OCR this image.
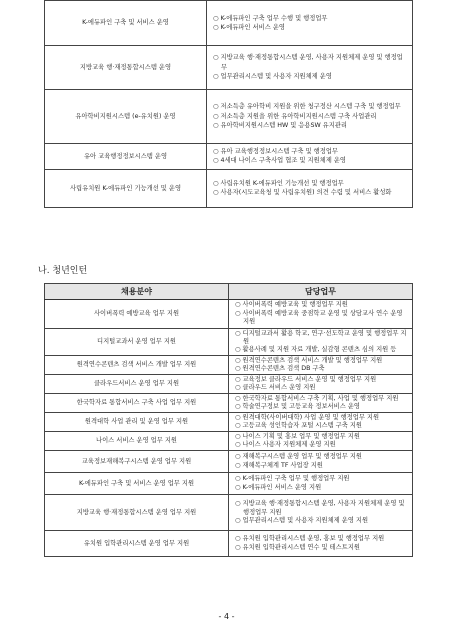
K-에듀파인 구축 및 서비스 운영	○ K-에듀파인 구축 업무 수행 및 행정업무
○ K-에듀파인 서비스 운영

지방교육 행·재정통합시스템 운영	○ 지방교육 행·재정통합시스템 운영, 사용자 지원체제 운영 및 행정업무
○ 업무관리시스템 및 사용자 지원체제 운영

유아학비지원시스템 (e-유치원) 운영	○ 저소득층 유아학비 지원을 위한 청구정산 시스템 구축 및 행정업무
○ 저소득층 지원을 위한 유아학비지원시스템 구축 사업관리
○ 유아학비지원시스템 HW 및 응용SW 유지관리

유아 교육행정정보시스템 운영	○ 유아 교육행정정보시스템 구축 및 행정업무
○ 4세대 나이스 구축사업 협조 및 지원체제 운영

사립유치원 K-에듀파인 기능개선 및 운영	○ 사립유치원 K-에듀파인 기능개선 및 행정업무
○ 사용자(시도교육청 및 사립유치원) 의견 수렴 및 서비스 활성화
나. 청년인턴
채용분야	담당업무
사이버폭력 예방교육 업무 지원	○ 사이버폭력 예방교육 및 행정업무 지원
○ 사이버폭력 예방교육 중점학교 운영 및 상담교사 연수 운영지원

디지털교과서 운영 업무 지원	○ 디지털교과서 활용 학교, 연구·선도학교 운영 및 행정업무 지원
○ 활용사례 및 지원 자료 개발, 실감형 콘텐츠 심의 지원 등

원격연수콘텐츠 검색 서비스 개발 업무 지원	○ 원격연수콘텐츠 검색 서비스 개발 및 행정업무 지원
○ 원격연수콘텐츠 검색 DB 구축

클라우드서비스 운영 업무 지원	○ 교육정보 클라우드 서비스 운영 및 행정업무 지원
○ 클라우드 서비스 운영 지원

한국학자료 통합서비스 구축 사업 업무 지원	○ 한국학자료 통합서비스 구축 기획, 사업 및 행정업무 지원
○ 학술연구정보 및 고등교육 정보서비스 운영

원격대학 사업 관리 및 운영 업무 지원	○ 원격대학(사이버대학) 사업 운영 및 행정업무 지원
○ 고등교육 성인학습자 포털 시스템 구축 지원

나이스 서비스 운영 업무 지원	○ 나이스 기획 및 홍보 업무 및 행정업무 지원
○ 나이스 사용자 지원체제 운영 지원

교육정보재해복구시스템 운영 업무 지원	○ 재해복구시스템 운영 업무 및 행정업무 지원
○ 재해복구체계 TF 사업장 지원

K-에듀파인 구축 및 서비스 운영 업무 지원	○ K-에듀파인 구축 업무 및 행정업무 지원
○ K-에듀파인 서비스 운영 지원

지방교육 행·재정통합시스템 운영 업무 지원	○ 지방교육 행·재정통합시스템 운영, 사용자 지원체제 운영 및 행정업무 지원
○ 업무관리시스템 및 사용자 지원체제 운영 지원

유치원 입학관리시스템 운영 업무 지원	○ 유치원 입학관리시스템 운영, 홍보 및 행정업무 지원
○ 유치원 입학관리시스템 연수 및 테스트지원
- 4 -
